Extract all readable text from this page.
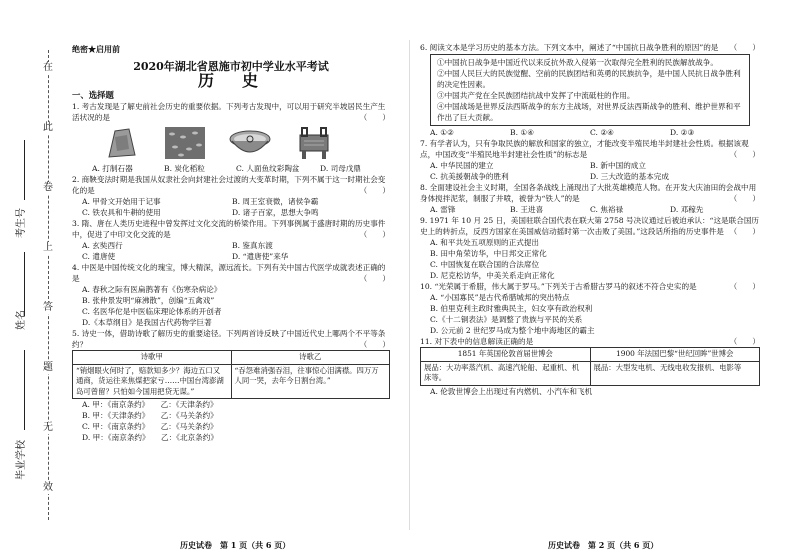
在
此
卷
上
答
题
无
效
考生号
姓名
毕业学校
绝密★启用前
2020年湖北省恩施市初中学业水平考试
历　史
一、选择题

1. 考古发现是了解史前社会历史的重要依据。下列考古发现中，可以用于研究半坡居民生产生活状况的是	（　　）

A. 打制石器	B. 炭化稻粒	C. 人面鱼纹彩陶盆	D. 司母戊鼎

2. 商鞅变法时期是我国从奴隶社会向封建社会过渡的大变革时期，下列不属于这一时期社会变化的是	（　　）

A. 甲骨文开始用于记事	B. 周王室衰微，诸侯争霸
C. 铁农具和牛耕的使用	D. 诸子百家，思想大争鸣

3. 隋、唐在人类历史进程中曾发挥过文化交流的桥梁作用。下列事例属于盛唐时期的历史事件中，促进了中印文化交流的是	（　　）

A. 玄奘西行	B. 鉴真东渡
C. 遣唐使	D. “遣唐使”来华

4. 中医是中国传统文化的瑰宝，博大精深，源远流长。下列有关中国古代医学成就表述正确的是	（　　）

A. 春秋之际有医扁鹊著有《伤寒杂病论》
B. 张仲景发明“麻沸散”，创编“五禽戏”
C. 名医华佗是中医临床理论体系的开创者
D.《本草纲目》是我国古代药物学巨著

5. 诗史一体，借助诗歌了解历史的重要途径。下列两首诗反映了中国近代史上哪两个不平等条约？	（　　）

诗歌甲	诗歌乙
“销烟眼火何时了，赔款知多少？海边五口又通商，货运往来焦煤把家亏……中国台湾澎湖岛可曾留？只怕如今国用把贷无谋。”	“吞怨难消强吞泪，往事惊心泪满襟。四万万人同一哭，去年今日割台湾。”
A. 甲：《南京条约》　　乙：《天津条约》
B. 甲：《天津条约》　　乙：《马关条约》
C. 甲：《南京条约》　　乙：《马关条约》
D. 甲：《南京条约》　　乙：《北京条约》
历史试卷　第 1 页（共 6 页）

6. 阅读文本是学习历史的基本方法。下列文本中，阐述了“中国抗日战争胜利的原因”的是 （　　）

①中国抗日战争是中国近代以来反抗外敌入侵第一次取得完全胜利的民族解放战争。
②中国人民巨大的民族觉醒、空前的民族团结和英勇的民族抗争，是中国人民抗日战争胜利的决定性因素。
③中国共产党在全民族团结抗战中发挥了中流砥柱的作用。
④中国战场是世界反法西斯战争的东方主战场，对世界反法西斯战争的胜利、维护世界和平作出了巨大贡献。
A. ①②	B. ①④	C. ②④	D. ②③

7. 有学者认为，只有争取民族的解放和国家的独立，才能改变半殖民地半封建社会性质。根据该观点，中国改变“半殖民地半封建社会性质”的标志是	（　　）

A. 中华民国的建立	B. 新中国的成立
C. 抗美援朝战争的胜利	D. 三大改造的基本完成

8. 全面建设社会主义时期，全国各条战线上涌现出了大批英雄模范人物。在开发大庆油田的会战中用身体搅拌泥浆，制服了井喷，被誉为“铁人”的是	（　　）

A. 雷锋	B. 王进喜	C. 焦裕禄	D. 邓稼先

9. 1971 年 10 月 25 日，美国驻联合国代表在联大第 2758 号决议通过后被迫承认：“这是联合国历史上的转折点，反西方国家在美国威信动摇时第一次击败了美国。”这段话所指的历史事件是 （　　）

A. 和平共处五项原则的正式提出
B. 田中角荣访华，中日邦交正常化
C. 中国恢复在联合国的合法席位
D. 尼克松访华，中美关系走向正常化

10. “光荣属于希腊，伟大属于罗马。”下列关于古希腊古罗马的叙述不符合史实的是	（　　）

A. “小国寡民”是古代希腊城邦的突出特点
B. 伯里克利主政时雅典民主，妇女享有政治权利
C.《十二铜表法》是调整了贵族与平民的关系
D. 公元前 2 世纪罗马成为整个地中海地区的霸主

11. 对下表中的信息解读正确的是	（　　）

1851 年英国伦敦首届世博会	1900 年法国巴黎“世纪回眸”世博会
展品：大功率蒸汽机、高速汽轮船、起重机、机床等。	展品：大型发电机、无线电收发报机、电影等
A. 伦敦世博会上出现过有内燃机、小汽车和飞机
历史试卷　第 2 页（共 6 页）
